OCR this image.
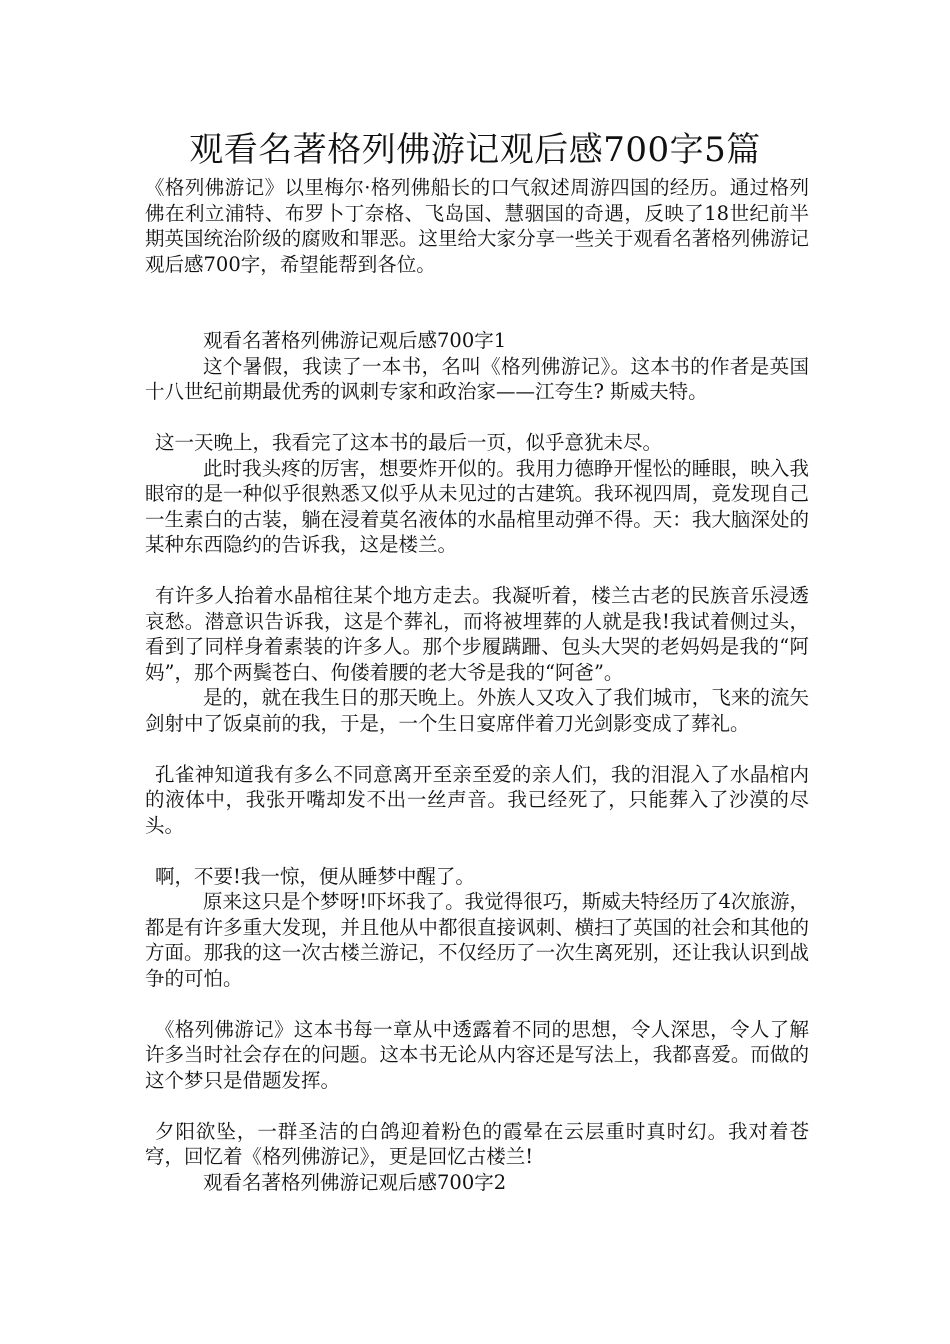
观看名著格列佛游记观后感700字5篇

《格列佛游记》以里梅尔·格列佛船长的口气叙述周游四国的经历。通过格列佛在利立浦特、布罗卜丁奈格、飞岛国、慧骃国的奇遇，反映了18世纪前半期英国统治阶级的腐败和罪恶。这里给大家分享一些关于观看名著格列佛游记观后感700字，希望能帮到各位。

观看名著格列佛游记观后感700字1

这个暑假，我读了一本书，名叫《格列佛游记》。这本书的作者是英国十八世纪前期最优秀的讽刺专家和政治家——江夸生? 斯威夫特。

这一天晚上，我看完了这本书的最后一页，似乎意犹未尽。

此时我头疼的厉害，想要炸开似的。我用力德睁开惺忪的睡眼，映入我眼帘的是一种似乎很熟悉又似乎从未见过的古建筑。我环视四周，竟发现自己一生素白的古装，躺在浸着莫名液体的水晶棺里动弹不得。天：我大脑深处的某种东西隐约的告诉我，这是楼兰。

有许多人抬着水晶棺往某个地方走去。我凝听着，楼兰古老的民族音乐浸透哀愁。潜意识告诉我，这是个葬礼，而将被埋葬的人就是我!我试着侧过头，看到了同样身着素装的许多人。那个步履蹒跚、包头大哭的老妈妈是我的“阿妈”，那个两鬓苍白、佝偻着腰的老大爷是我的“阿爸”。

是的，就在我生日的那天晚上。外族人又攻入了我们城市，飞来的流矢剑射中了饭桌前的我，于是，一个生日宴席伴着刀光剑影变成了葬礼。

孔雀神知道我有多么不同意离开至亲至爱的亲人们，我的泪混入了水晶棺内的液体中，我张开嘴却发不出一丝声音。我已经死了，只能葬入了沙漠的尽头。

啊，不要!我一惊，便从睡梦中醒了。

原来这只是个梦呀!吓坏我了。我觉得很巧，斯威夫特经历了4次旅游，都是有许多重大发现，并且他从中都很直接讽刺、横扫了英国的社会和其他的方面。那我的这一次古楼兰游记，不仅经历了一次生离死别，还让我认识到战争的可怕。

《格列佛游记》这本书每一章从中透露着不同的思想，令人深思，令人了解许多当时社会存在的问题。这本书无论从内容还是写法上，我都喜爱。而做的这个梦只是借题发挥。

夕阳欲坠，一群圣洁的白鸽迎着粉色的霞晕在云层重时真时幻。我对着苍穹，回忆着《格列佛游记》，更是回忆古楼兰!

观看名著格列佛游记观后感700字2
